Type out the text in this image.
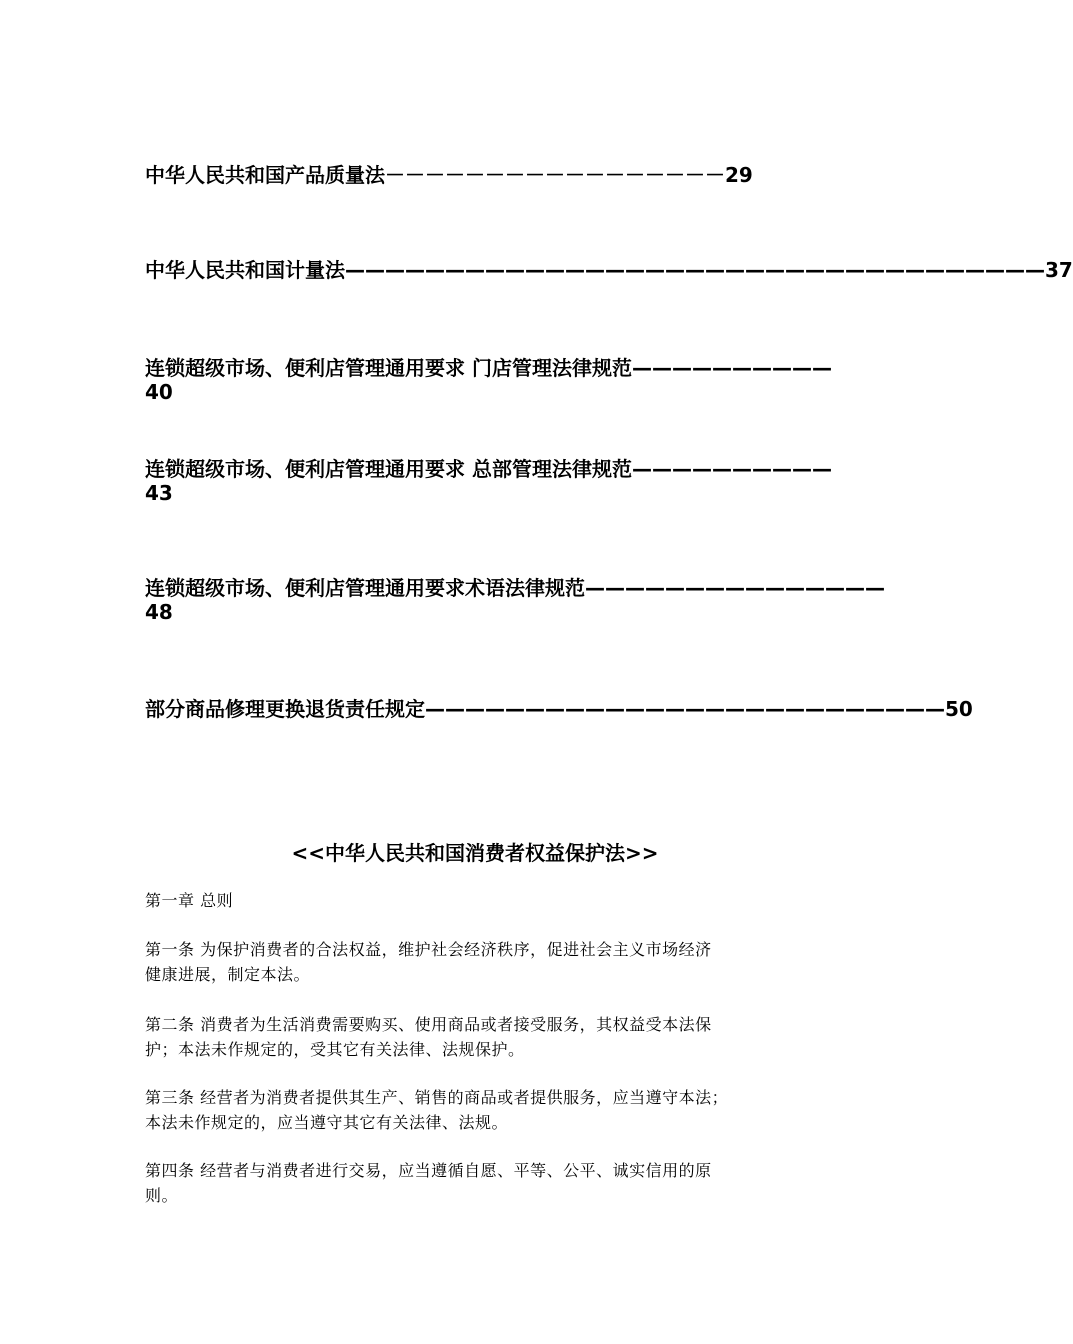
中华人民共和国产品质量法－－－－－－－－－－－－－－－－－29
中华人民共和国计量法———————————————————————————————————37
连锁超级市场、便利店管理通用要求 门店管理法律规范——————————
40
连锁超级市场、便利店管理通用要求 总部管理法律规范——————————
43
连锁超级市场、便利店管理通用要求术语法律规范———————————————
48
部分商品修理更换退货责任规定——————————————————————————50
<<中华人民共和国消费者权益保护法>>
第一章 总则
第一条 为保护消费者的合法权益，维护社会经济秩序，促进社会主义市场经济
健康进展，制定本法。
第二条 消费者为生活消费需要购买、使用商品或者接受服务，其权益受本法保
护；本法未作规定的，受其它有关法律、法规保护。
第三条 经营者为消费者提供其生产、销售的商品或者提供服务，应当遵守本法；
本法未作规定的，应当遵守其它有关法律、法规。
第四条 经营者与消费者进行交易，应当遵循自愿、平等、公平、诚实信用的原
则。
